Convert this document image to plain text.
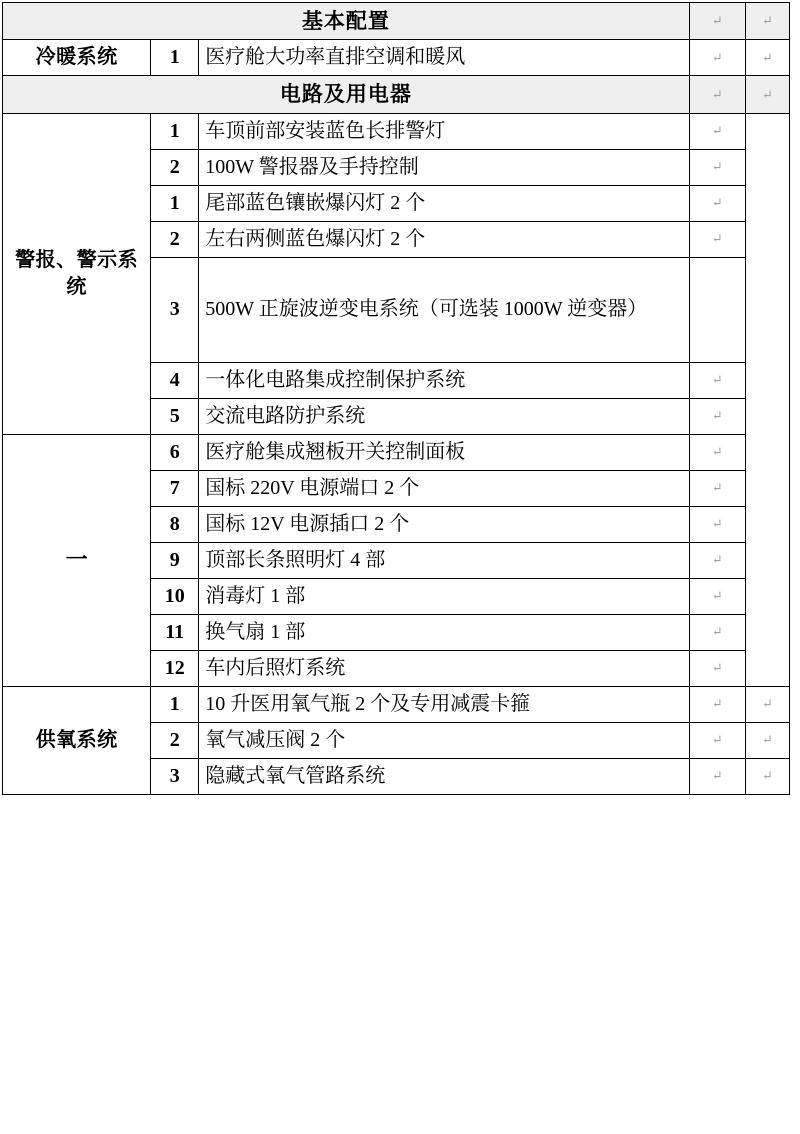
基本配置			↵	↵
冷暖系统	1	医疗舱大功率直排空调和暖风	↵	↵
电路及用电器			↵	↵
警报、警示系统	1	车顶前部安装蓝色长排警灯	↵	
	2	100W 警报器及手持控制	↵	
	1	尾部蓝色镶嵌爆闪灯 2 个	↵	
	2	左右两侧蓝色爆闪灯 2 个	↵	
	3	500W 正旋波逆变电系统（可选装 1000W 逆变器）		
	4	一体化电路集成控制保护系统	↵	
	5	交流电路防护系统	↵	
一	6	医疗舱集成翘板开关控制面板	↵	
	7	国标 220V 电源端口 2 个	↵	
	8	国标 12V 电源插口 2 个	↵	
	9	顶部长条照明灯 4 部	↵	
	10	消毒灯 1 部	↵	
	11	换气扇 1 部	↵	
	12	车内后照灯系统	↵	
供氧系统	1	10 升医用氧气瓶 2 个及专用减震卡箍	↵	↵
	2	氧气减压阀 2 个	↵	↵
	3	隐藏式氧气管路系统	↵	↵
